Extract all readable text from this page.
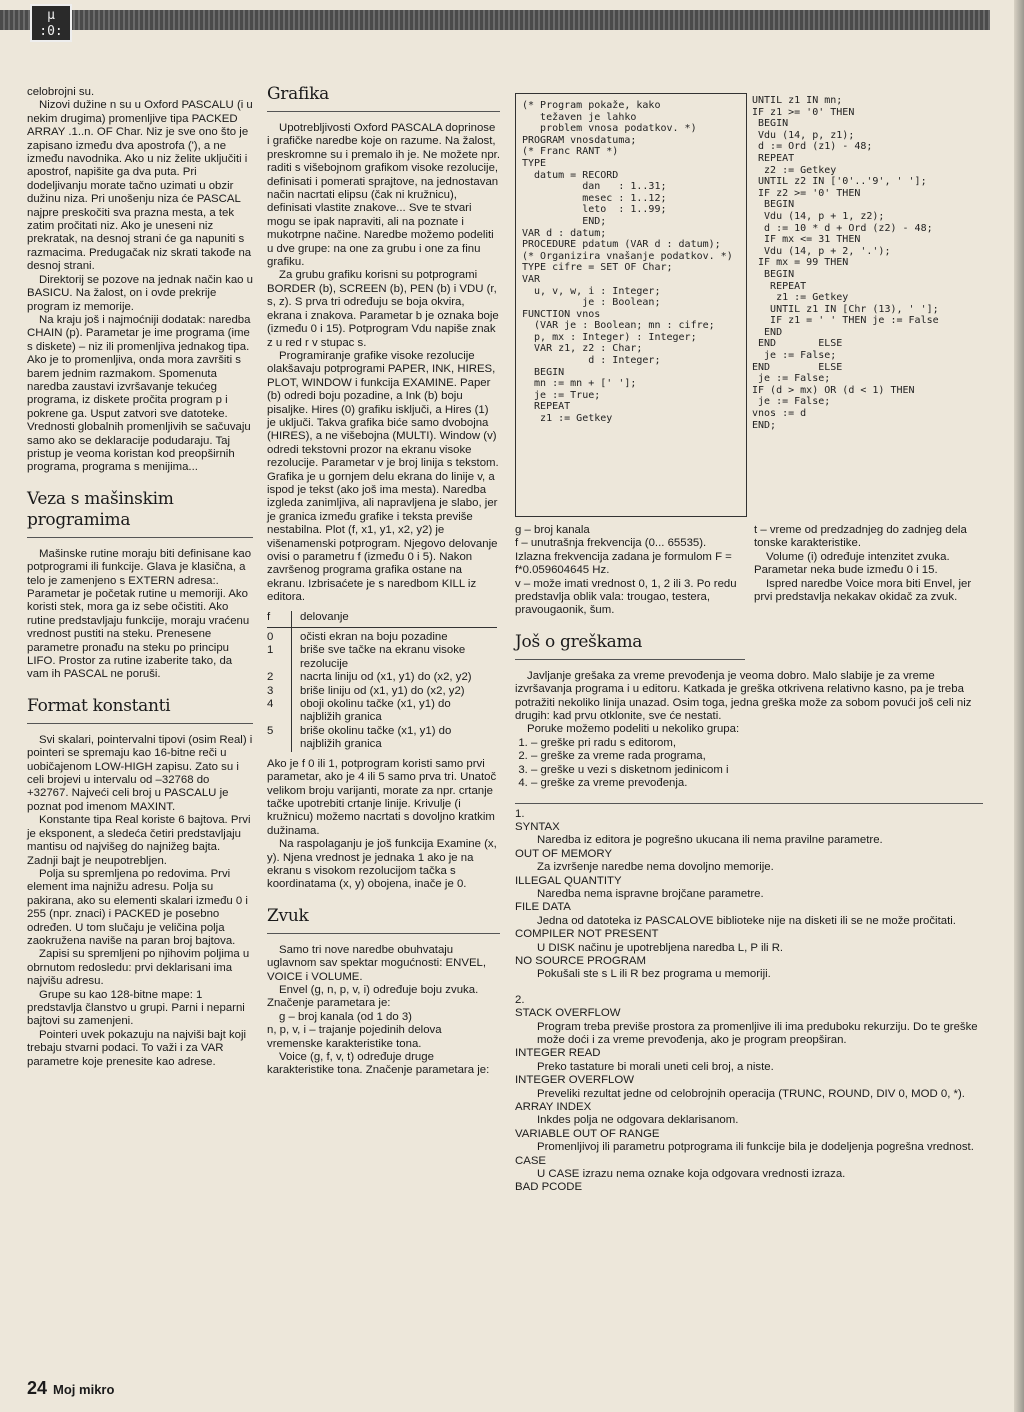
μ
:0:

celobrojni su.

Nizovi dužine n su u Oxford PASCALU (i u nekim drugima) promenljive tipa PACKED ARRAY .1..n. OF Char. Niz je sve ono što je zapisano između dva apostrofa ('), a ne između navodnika. Ako u niz želite uključiti i apostrof, napišite ga dva puta. Pri dodeljivanju morate tačno uzimati u obzir dužinu niza. Pri unošenju niza će PASCAL najpre preskočiti sva prazna mesta, a tek zatim pročitati niz. Ako je uneseni niz prekratak, na desnoj strani će ga napuniti s razmacima. Predugačak niz skrati takođe na desnoj strani.

Direktorij se pozove na jednak način kao u BASICU. Na žalost, on i ovde prekrije program iz memorije.

Na kraju još i najmoćniji dodatak: naredba CHAIN (p). Parametar je ime programa (ime s diskete) – niz ili promenljiva jednakog tipa. Ako je to promenljiva, onda mora završiti s barem jednim razmakom. Spomenuta naredba zaustavi izvršavanje tekućeg programa, iz diskete pročita program p i pokrene ga. Usput zatvori sve datoteke. Vrednosti globalnih promenljivih se sačuvaju samo ako se deklaracije podudaraju. Taj pristup je veoma koristan kod preopširnih programa, programa s menijima...

Veza s mašinskim programima

Mašinske rutine moraju biti definisane kao potprogrami ili funkcije. Glava je klasična, a telo je zamenjeno s EXTERN adresa:. Parametar je početak rutine u memoriji. Ako koristi stek, mora ga iz sebe očistiti. Ako rutine predstavljaju funkcije, moraju vraćenu vrednost pustiti na steku. Prenesene parametre pronađu na steku po principu LIFO. Prostor za rutine izaberite tako, da vam ih PASCAL ne poruši.

Format konstanti

Svi skalari, pointervalni tipovi (osim Real) i pointeri se spremaju kao 16-bitne reči u uobičajenom LOW-HIGH zapisu. Zato su i celi brojevi u intervalu od –32768 do +32767. Najveći celi broj u PASCALU je poznat pod imenom MAXINT.

Konstante tipa Real koriste 6 bajtova. Prvi je eksponent, a sledeća četiri predstavljaju mantisu od najvišeg do najnižeg bajta. Zadnji bajt je neupotrebljen.

Polja su spremljena po redovima. Prvi element ima najnižu adresu. Polja su pakirana, ako su elementi skalari između 0 i 255 (npr. znaci) i PACKED je posebno određen. U tom slučaju je veličina polja zaokružena naviše na paran broj bajtova.

Zapisi su spremljeni po njihovim poljima u obrnutom redosledu: prvi deklarisani ima najvišu adresu.

Grupe su kao 128-bitne mape: 1 predstavlja članstvo u grupi. Parni i neparni bajtovi su zamenjeni.

Pointeri uvek pokazuju na najviši bajt koji trebaju stvarni podaci. To važi i za VAR parametre koje prenesite kao adrese.

Grafika

Upotrebljivosti Oxford PASCALA doprinose i grafičke naredbe koje on razume. Na žalost, preskromne su i premalo ih je. Ne možete npr. raditi s višebojnom grafikom visoke rezolucije, definisati i pomerati sprajtove, na jednostavan način nacrtati elipsu (čak ni kružnicu), definisati vlastite znakove... Sve te stvari mogu se ipak napraviti, ali na poznate i mukotrpne načine. Naredbe možemo podeliti u dve grupe: na one za grubu i one za finu grafiku.

Za grubu grafiku korisni su potprogrami BORDER (b), SCREEN (b), PEN (b) i VDU (r, s, z). S prva tri određuju se boja okvira, ekrana i znakova. Parametar b je oznaka boje (između 0 i 15). Potprogram Vdu napiše znak z u red r v stupac s.

Programiranje grafike visoke rezolucije olakšavaju potprogrami PAPER, INK, HIRES, PLOT, WINDOW i funkcija EXAMINE. Paper (b) odredi boju pozadine, a Ink (b) boju pisaljke. Hires (0) grafiku isključi, a Hires (1) je uključi. Takva grafika biće samo dvobojna (HIRES), a ne višebojna (MULTI). Window (v) odredi tekstovni prozor na ekranu visoke rezolucije. Parametar v je broj linija s tekstom. Grafika je u gornjem delu ekrana do linije v, a ispod je tekst (ako još ima mesta). Naredba izgleda zanimljiva, ali napravljena je slabo, jer je granica između grafike i teksta previše nestabilna. Plot (f, x1, y1, x2, y2) je višenamenski potprogram. Njegovo delovanje ovisi o parametru f (između 0 i 5). Nakon završenog programa grafika ostane na ekranu. Izbrisaćete je s naredbom KILL iz editora.

f	delovanje
0	očisti ekran na boju pozadine
1	briše sve tačke na ekranu visoke rezolucije
2	nacrta liniju od (x1, y1) do (x2, y2)
3	briše liniju od (x1, y1) do (x2, y2)
4	oboji okolinu tačke (x1, y1) do najbližih granica
5	briše okolinu tačke (x1, y1) do najbližih granica

Ako je f 0 ili 1, potprogram koristi samo prvi parametar, ako je 4 ili 5 samo prva tri. Unatoč velikom broju varijanti, morate za npr. crtanje tačke upotrebiti crtanje linije. Krivulje (i kružnicu) možemo nacrtati s dovoljno kratkim dužinama.

Na raspolaganju je još funkcija Examine (x, y). Njena vrednost je jednaka 1 ako je na ekranu s visokom rezolucijom tačka s koordinatama (x, y) obojena, inače je 0.

Zvuk

Samo tri nove naredbe obuhvataju uglavnom sav spektar mogućnosti: ENVEL, VOICE i VOLUME.

Envel (g, n, p, v, i) određuje boju zvuka. Značenje parametara je:

g – broj kanala (od 1 do 3)

n, p, v, i – trajanje pojedinih delova vremenske karakteristike tona.

Voice (g, f, v, t) određuje druge karakteristike tona. Značenje parametara je:

(* Program pokaže, kako
težaven je lahko
problem vnosa podatkov. *)
PROGRAM vnosdatuma;
(* Franc RANT *)
TYPE
datum = RECORD
dan   : 1..31;
mesec : 1..12;
leto  : 1..99;
END;
VAR d : datum;
PROCEDURE pdatum (VAR d : datum);
(* Organizira vnašanje podatkov. *)
TYPE cifre = SET OF Char;
VAR
u, v, w, i : Integer;
je : Boolean;
FUNCTION vnos
(VAR je : Boolean; mn : cifre;
p, mx : Integer) : Integer;
VAR z1, z2 : Char;
d : Integer;
BEGIN
mn := mn + [' '];
je := True;
REPEAT
z1 := Getkey
UNTIL z1 IN mn;
IF z1 >= '0' THEN
BEGIN
Vdu (14, p, z1);
d := Ord (z1) - 48;
REPEAT
z2 := Getkey
UNTIL z2 IN ['0'..'9', ' '];
IF z2 >= '0' THEN
BEGIN
Vdu (14, p + 1, z2);
d := 10 * d + Ord (z2) - 48;
IF mx <= 31 THEN
Vdu (14, p + 2, '.');
IF mx = 99 THEN
BEGIN
REPEAT
z1 := Getkey
UNTIL z1 IN [Chr (13), ' '];
IF z1 = ' ' THEN je := False
END
END       ELSE
je := False;
END        ELSE
je := False;
IF (d > mx) OR (d < 1) THEN
je := False;
vnos := d
END;

g – broj kanala

f – unutrašnja frekvencija (0... 65535). Izlazna frekvencija zadana je formulom F = f*0.059604645 Hz.

v – može imati vrednost 0, 1, 2 ili 3. Po redu predstavlja oblik vala: trougao, testera, pravougaonik, šum.

t – vreme od predzadnjeg do zadnjeg dela tonske karakteristike.

Volume (i) određuje intenzitet zvuka. Parametar neka bude između 0 i 15.

Ispred naredbe Voice mora biti Envel, jer prvi predstavlja nekakav okidač za zvuk.

Još o greškama

Javljanje grešaka za vreme prevođenja je veoma dobro. Malo slabije je za vreme izvršavanja programa i u editoru. Katkada je greška otkrivena relativno kasno, pa je treba potražiti nekoliko linija unazad. Osim toga, jedna greška može za sobom povući još celi niz drugih: kad prvu otklonite, sve će nestati.

Poruke možemo podeliti u nekoliko grupa:

1. – greške pri radu s editorom,
2. – greške za vreme rada programa,
3. – greške u vezi s disketnom jedinicom i
4. – greške za vreme prevođenja.
1.
SYNTAX
Naredba iz editora je pogrešno ukucana ili nema pravilne parametre.
OUT OF MEMORY
Za izvršenje naredbe nema dovoljno memorije.
ILLEGAL QUANTITY
Naredba nema ispravne brojčane parametre.
FILE DATA
Jedna od datoteka iz PASCALOVE biblioteke nije na disketi ili se ne može pročitati.
COMPILER NOT PRESENT
U DISK načinu je upotrebljena naredba L, P ili R.
NO SOURCE PROGRAM
Pokušali ste s L ili R bez programa u memoriji.
2.
STACK OVERFLOW
Program treba previše prostora za promenljive ili ima preduboku rekurziju. Do te greške može doći i za vreme prevođenja, ako je program preopširan.
INTEGER READ
Preko tastature bi morali uneti celi broj, a niste.
INTEGER OVERFLOW
Preveliki rezultat jedne od celobrojnih operacija (TRUNC, ROUND, DIV 0, MOD 0, *).
ARRAY INDEX
Inkdes polja ne odgovara deklarisanom.
VARIABLE OUT OF RANGE
Promenljivoj ili parametru potprograma ili funkcije bila je dodeljenja pogrešna vrednost.
CASE
U CASE izrazu nema oznake koja odgovara vrednosti izraza.
BAD PCODE
24 Moj mikro
